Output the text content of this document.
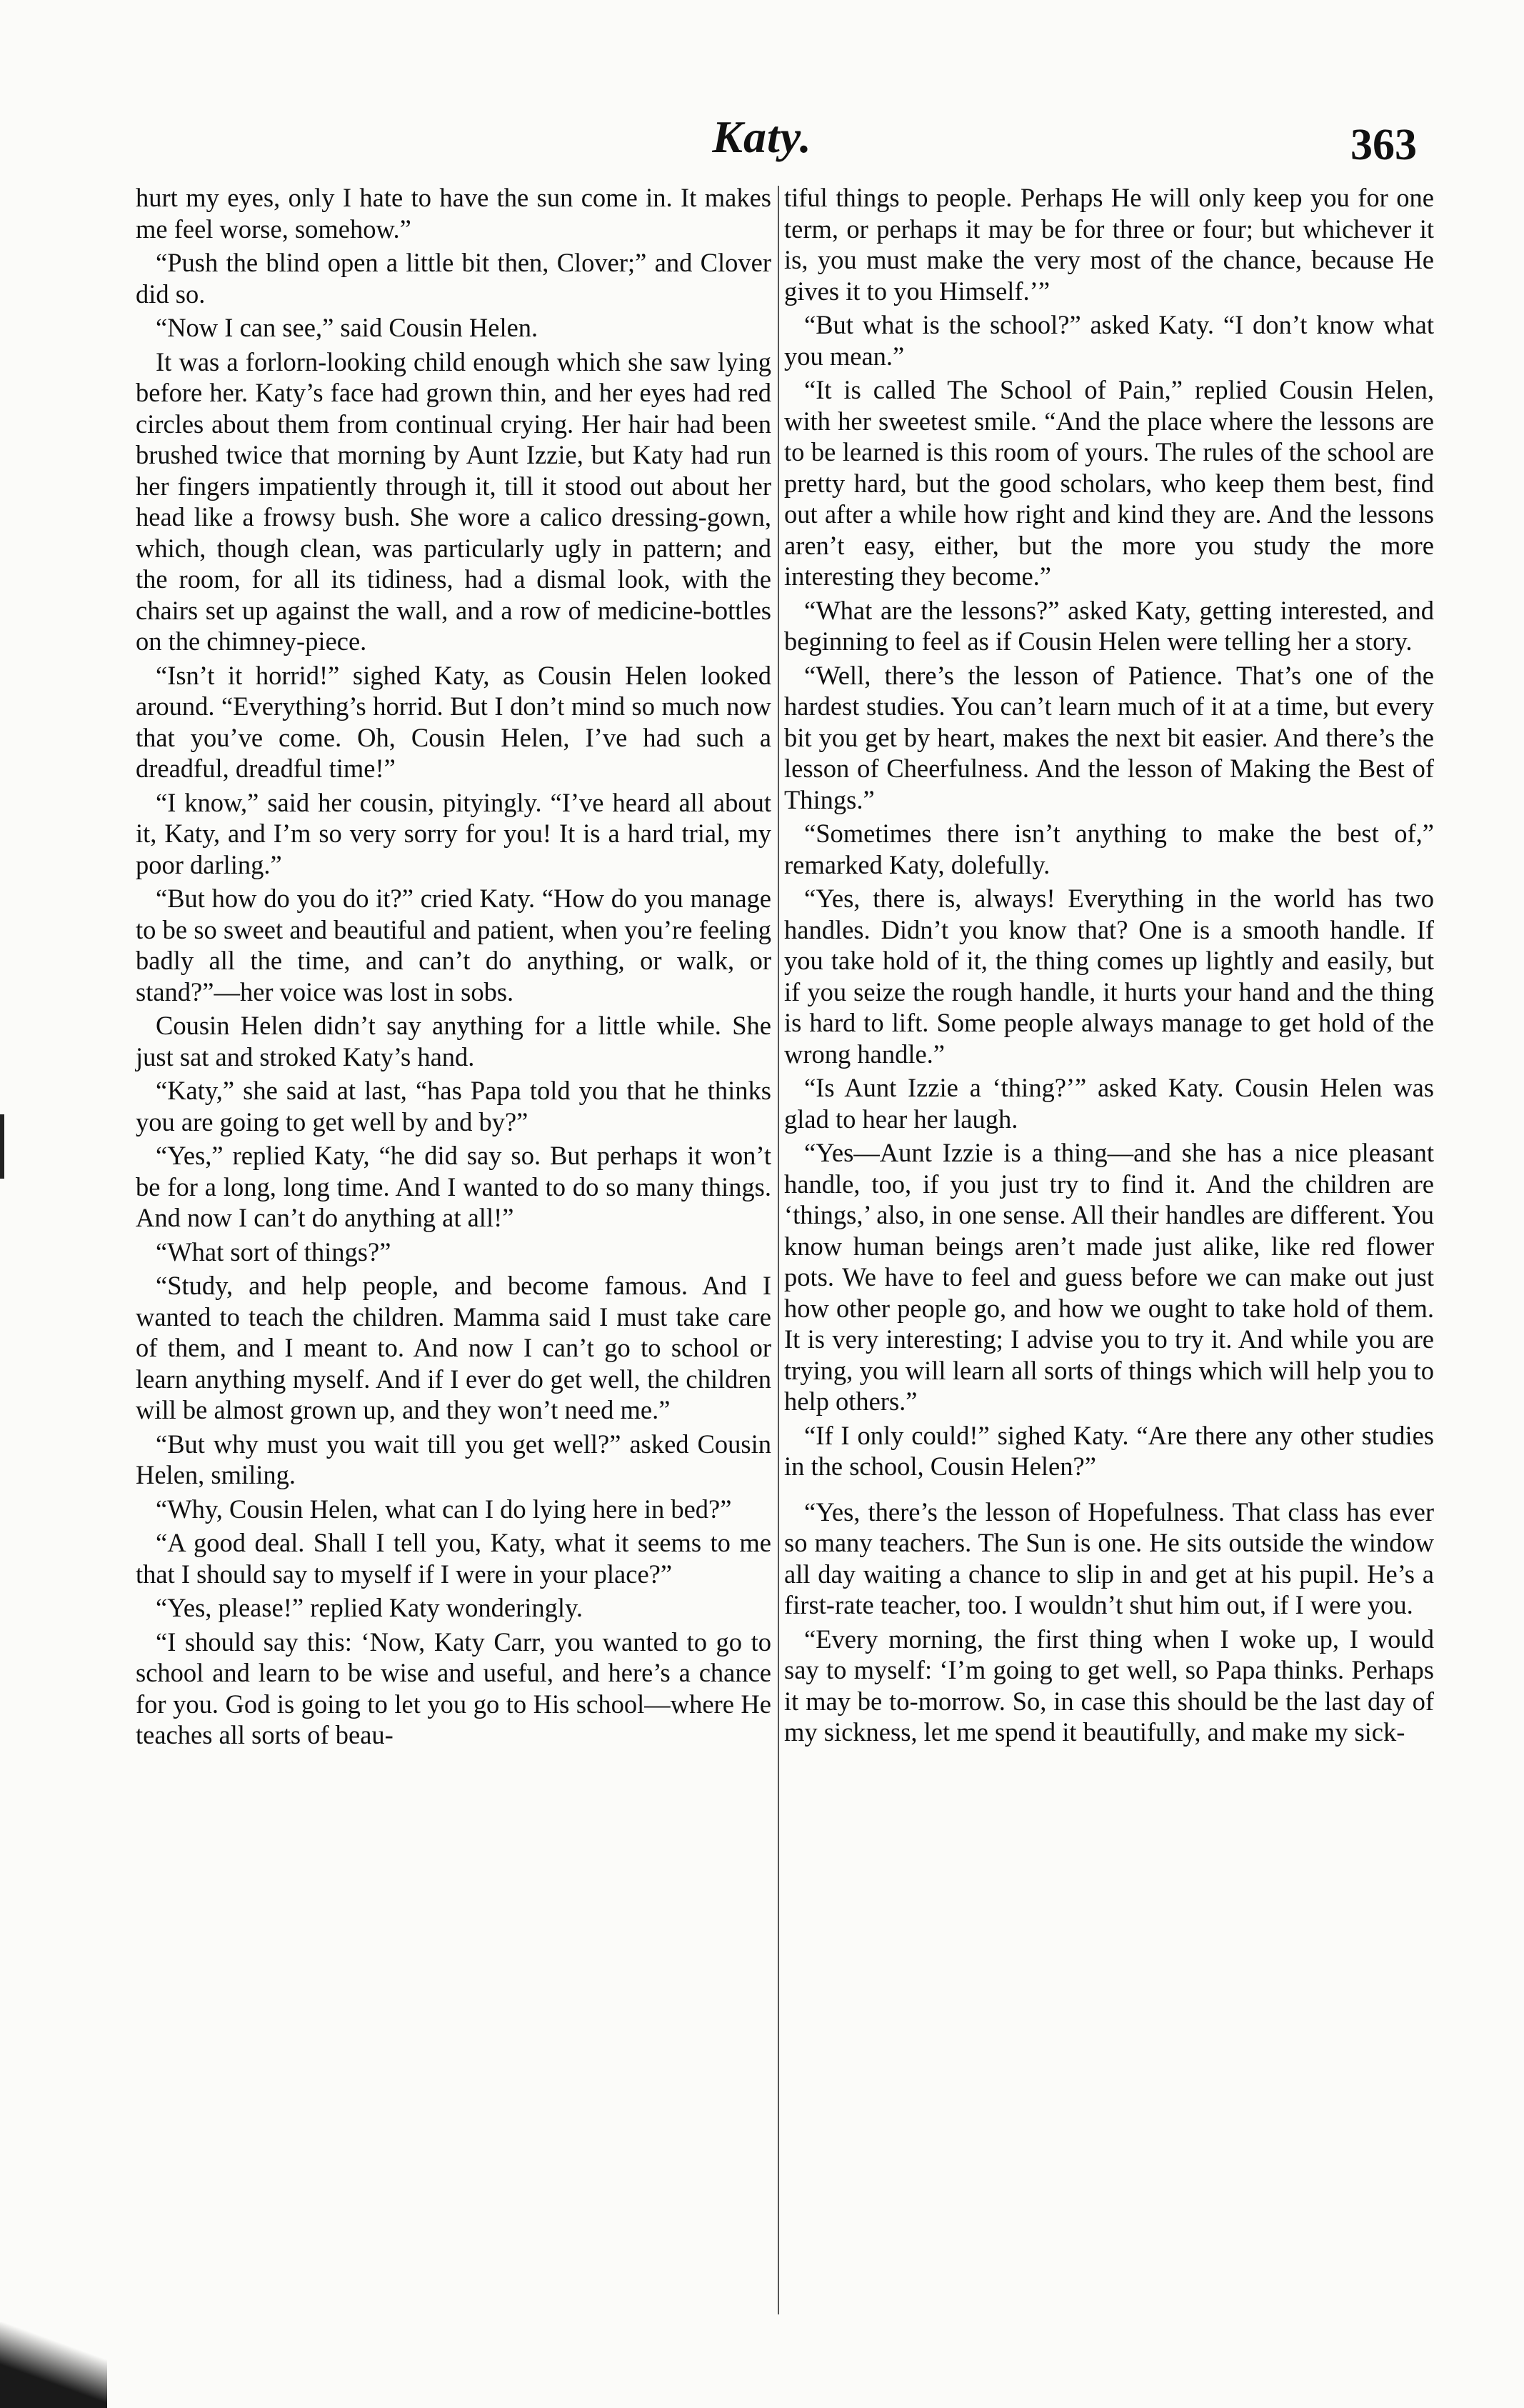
Katy.	363

hurt my eyes, only I hate to have the sun come in. It makes me feel worse, somehow.”

“Push the blind open a little bit then, Clover;” and Clover did so.

“Now I can see,” said Cousin Helen.

It was a forlorn-looking child enough which she saw lying before her. Katy’s face had grown thin, and her eyes had red circles about them from continual crying. Her hair had been brushed twice that morning by Aunt Izzie, but Katy had run her fingers impatiently through it, till it stood out about her head like a frowsy bush. She wore a calico dressing-gown, which, though clean, was particularly ugly in pattern; and the room, for all its tidiness, had a dismal look, with the chairs set up against the wall, and a row of medicine-bottles on the chimney-piece.

“Isn’t it horrid!” sighed Katy, as Cousin Helen looked around. “Everything’s horrid. But I don’t mind so much now that you’ve come. Oh, Cousin Helen, I’ve had such a dreadful, dreadful time!”

“I know,” said her cousin, pityingly. “I’ve heard all about it, Katy, and I’m so very sorry for you! It is a hard trial, my poor darling.”

“But how do you do it?” cried Katy. “How do you manage to be so sweet and beautiful and patient, when you’re feeling badly all the time, and can’t do anything, or walk, or stand?”—her voice was lost in sobs.

Cousin Helen didn’t say anything for a little while. She just sat and stroked Katy’s hand.

“Katy,” she said at last, “has Papa told you that he thinks you are going to get well by and by?”

“Yes,” replied Katy, “he did say so. But perhaps it won’t be for a long, long time. And I wanted to do so many things. And now I can’t do anything at all!”

“What sort of things?”

“Study, and help people, and become famous. And I wanted to teach the children. Mamma said I must take care of them, and I meant to. And now I can’t go to school or learn anything myself. And if I ever do get well, the children will be almost grown up, and they won’t need me.”

“But why must you wait till you get well?” asked Cousin Helen, smiling.

“Why, Cousin Helen, what can I do lying here in bed?”

“A good deal. Shall I tell you, Katy, what it seems to me that I should say to myself if I were in your place?”

“Yes, please!” replied Katy wonderingly.

“I should say this: ‘Now, Katy Carr, you wanted to go to school and learn to be wise and useful, and here’s a chance for you. God is going to let you go to His school—where He teaches all sorts of beau-

tiful things to people. Perhaps He will only keep you for one term, or perhaps it may be for three or four; but whichever it is, you must make the very most of the chance, because He gives it to you Himself.’”

“But what is the school?” asked Katy. “I don’t know what you mean.”

“It is called The School of Pain,” replied Cousin Helen, with her sweetest smile. “And the place where the lessons are to be learned is this room of yours. The rules of the school are pretty hard, but the good scholars, who keep them best, find out after a while how right and kind they are. And the lessons aren’t easy, either, but the more you study the more interesting they become.”

“What are the lessons?” asked Katy, getting interested, and beginning to feel as if Cousin Helen were telling her a story.

“Well, there’s the lesson of Patience. That’s one of the hardest studies. You can’t learn much of it at a time, but every bit you get by heart, makes the next bit easier. And there’s the lesson of Cheerfulness. And the lesson of Making the Best of Things.”

“Sometimes there isn’t anything to make the best of,” remarked Katy, dolefully.

“Yes, there is, always! Everything in the world has two handles. Didn’t you know that? One is a smooth handle. If you take hold of it, the thing comes up lightly and easily, but if you seize the rough handle, it hurts your hand and the thing is hard to lift. Some people always manage to get hold of the wrong handle.”

“Is Aunt Izzie a ‘thing?’” asked Katy. Cousin Helen was glad to hear her laugh.

“Yes—Aunt Izzie is a thing—and she has a nice pleasant handle, too, if you just try to find it. And the children are ‘things,’ also, in one sense. All their handles are different. You know human beings aren’t made just alike, like red flower pots. We have to feel and guess before we can make out just how other people go, and how we ought to take hold of them. It is very interesting; I advise you to try it. And while you are trying, you will learn all sorts of things which will help you to help others.”

“If I only could!” sighed Katy. “Are there any other studies in the school, Cousin Helen?”

“Yes, there’s the lesson of Hopefulness. That class has ever so many teachers. The Sun is one. He sits outside the window all day waiting a chance to slip in and get at his pupil. He’s a first-rate teacher, too. I wouldn’t shut him out, if I were you.

“Every morning, the first thing when I woke up, I would say to myself: ‘I’m going to get well, so Papa thinks. Perhaps it may be to-morrow. So, in case this should be the last day of my sickness, let me spend it beautifully, and make my sick-
